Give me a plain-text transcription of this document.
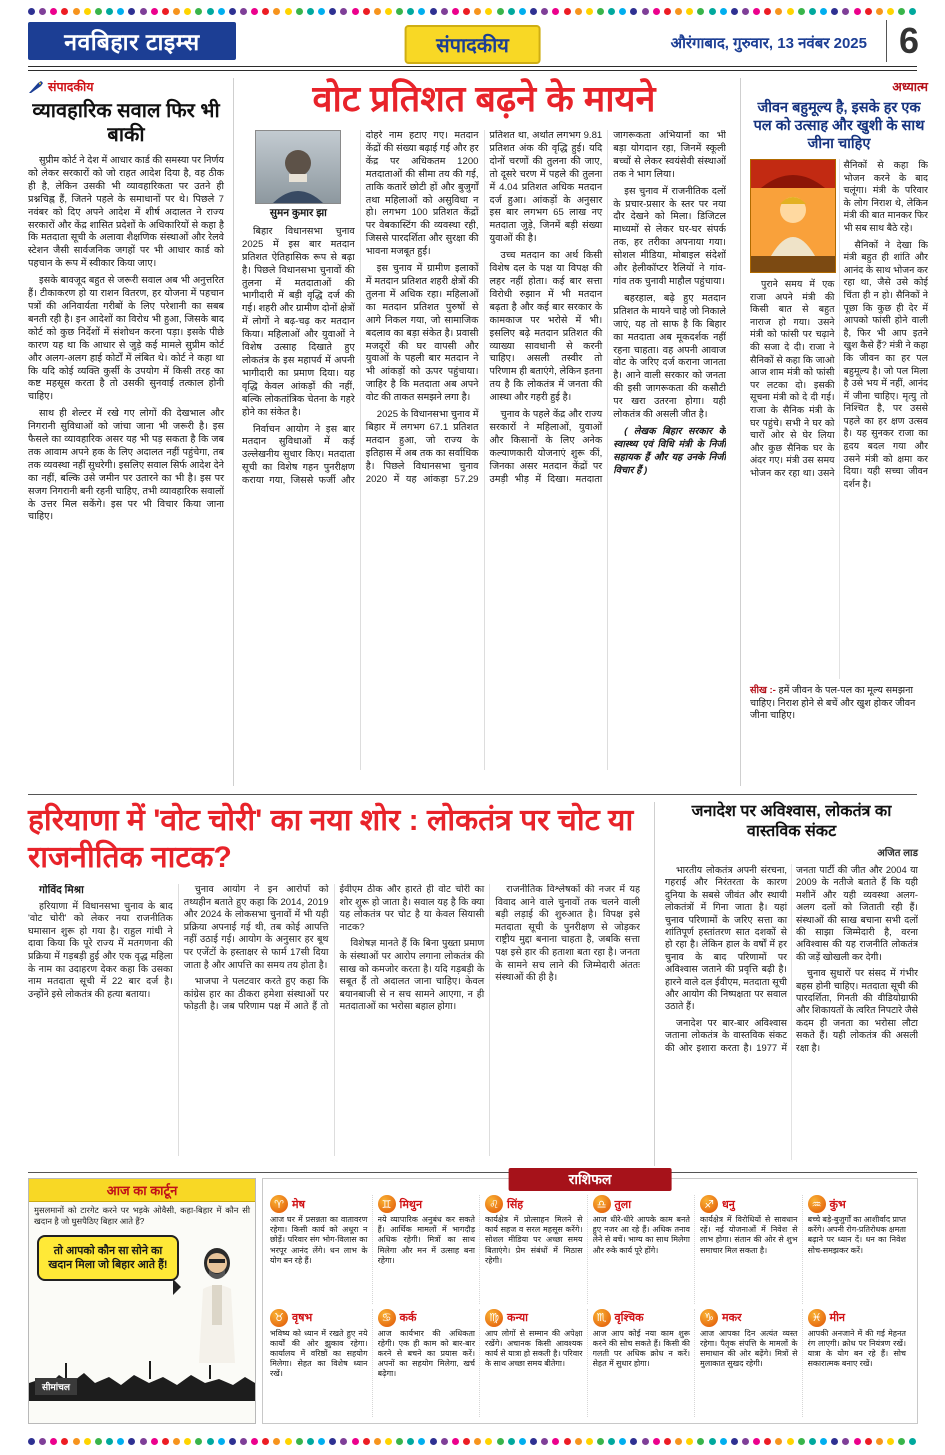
नवबिहार टाइम्स	संपादकीय	औरंगाबाद, गुरुवार, 13 नवंबर 2025 6
संपादकीय
व्यावहारिक सवाल फिर भी बाकी

सुप्रीम कोर्ट ने देश में आधार कार्ड की समस्या पर निर्णय को लेकर सरकारों को जो राहत आदेश दिया है, वह ठीक ही है, लेकिन उसकी भी व्यावहारिकता पर उतने ही प्रश्नचिह्न हैं, जितने पहले के समाधानों पर थे। पिछले 7 नवंबर को दिए अपने आदेश में शीर्ष अदालत ने राज्य सरकारों और केंद्र शासित प्रदेशों के अधिकारियों से कहा है कि मतदाता सूची के अलावा शैक्षणिक संस्थाओं और रेलवे स्टेशन जैसी सार्वजनिक जगहों पर भी आधार कार्ड को पहचान के रूप में स्वीकार किया जाए।

इसके बावजूद बहुत से जरूरी सवाल अब भी अनुत्तरित हैं। टीकाकरण हो या राशन वितरण, हर योजना में पहचान पत्रों की अनिवार्यता गरीबों के लिए परेशानी का सबब बनती रही है। इन आदेशों का विरोध भी हुआ, जिसके बाद कोर्ट को कुछ निर्देशों में संशोधन करना पड़ा। इसके पीछे कारण यह था कि आधार से जुड़े कई मामले सुप्रीम कोर्ट और अलग-अलग हाई कोर्टों में लंबित थे। कोर्ट ने कहा था कि यदि कोई व्यक्ति कुर्सी के उपयोग में किसी तरह का कष्ट महसूस करता है तो उसकी सुनवाई तत्काल होनी चाहिए।

साथ ही शेल्टर में रखे गए लोगों की देखभाल और निगरानी सुविधाओं को जांचा जाना भी जरूरी है। इस फैसले का व्यावहारिक असर यह भी पड़ सकता है कि जब तक आवाम अपने हक के लिए अदालत नहीं पहुंचेगा, तब तक व्यवस्था नहीं सुधरेगी। इसलिए सवाल सिर्फ आदेश देने का नहीं, बल्कि उसे जमीन पर उतारने का भी है। इस पर सजग निगरानी बनी रहनी चाहिए, तभी व्यावहारिक सवालों के उत्तर मिल सकेंगे। इस पर भी विचार किया जाना चाहिए।

वोट प्रतिशत बढ़ने के मायने
सुमन कुमार झा

बिहार विधानसभा चुनाव 2025 में इस बार मतदान प्रतिशत ऐतिहासिक रूप से बढ़ा है। पिछले विधानसभा चुनावों की तुलना में मतदाताओं की भागीदारी में बड़ी वृद्धि दर्ज की गई। शहरी और ग्रामीण दोनों क्षेत्रों में लोगों ने बढ़-चढ़ कर मतदान किया। महिलाओं और युवाओं ने विशेष उत्साह दिखाते हुए लोकतंत्र के इस महापर्व में अपनी भागीदारी का प्रमाण दिया। यह वृद्धि केवल आंकड़ों की नहीं, बल्कि लोकतांत्रिक चेतना के गहरे होने का संकेत है।

निर्वाचन आयोग ने इस बार मतदान सुविधाओं में कई उल्लेखनीय सुधार किए। मतदाता सूची का विशेष गहन पुनरीक्षण कराया गया, जिससे फर्जी और दोहरे नाम हटाए गए। मतदान केंद्रों की संख्या बढ़ाई गई और हर केंद्र पर अधिकतम 1200 मतदाताओं की सीमा तय की गई, ताकि कतारें छोटी हों और बुजुर्गों तथा महिलाओं को असुविधा न हो। लगभग 100 प्रतिशत केंद्रों पर वेबकास्टिंग की व्यवस्था रही, जिससे पारदर्शिता और सुरक्षा की भावना मजबूत हुई।

इस चुनाव में ग्रामीण इलाकों में मतदान प्रतिशत शहरी क्षेत्रों की तुलना में अधिक रहा। महिलाओं का मतदान प्रतिशत पुरुषों से आगे निकल गया, जो सामाजिक बदलाव का बड़ा संकेत है। प्रवासी मजदूरों की घर वापसी और युवाओं के पहली बार मतदान ने भी आंकड़ों को ऊपर पहुंचाया। जाहिर है कि मतदाता अब अपने वोट की ताकत समझने लगा है।

2025 के विधानसभा चुनाव में बिहार में लगभग 67.1 प्रतिशत मतदान हुआ, जो राज्य के इतिहास में अब तक का सर्वाधिक है। पिछले विधानसभा चुनाव 2020 में यह आंकड़ा 57.29 प्रतिशत था, अर्थात लगभग 9.81 प्रतिशत अंक की वृद्धि हुई। यदि दोनों चरणों की तुलना की जाए, तो दूसरे चरण में पहले की तुलना में 4.04 प्रतिशत अधिक मतदान दर्ज हुआ। आंकड़ों के अनुसार इस बार लगभग 65 लाख नए मतदाता जुड़े, जिनमें बड़ी संख्या युवाओं की है।

उच्च मतदान का अर्थ किसी विशेष दल के पक्ष या विपक्ष की लहर नहीं होता। कई बार सत्ता विरोधी रुझान में भी मतदान बढ़ता है और कई बार सरकार के कामकाज पर भरोसे में भी। इसलिए बढ़े मतदान प्रतिशत की व्याख्या सावधानी से करनी चाहिए। असली तस्वीर तो परिणाम ही बताएंगे, लेकिन इतना तय है कि लोकतंत्र में जनता की आस्था और गहरी हुई है।

चुनाव के पहले केंद्र और राज्य सरकारों ने महिलाओं, युवाओं और किसानों के लिए अनेक कल्याणकारी योजनाएं शुरू कीं, जिनका असर मतदान केंद्रों पर उमड़ी भीड़ में दिखा। मतदाता जागरूकता अभियानों का भी बड़ा योगदान रहा, जिनमें स्कूली बच्चों से लेकर स्वयंसेवी संस्थाओं तक ने भाग लिया।

इस चुनाव में राजनीतिक दलों के प्रचार-प्रसार के स्तर पर नया दौर देखने को मिला। डिजिटल माध्यमों से लेकर घर-घर संपर्क तक, हर तरीका अपनाया गया। सोशल मीडिया, मोबाइल संदेशों और हेलीकॉप्टर रैलियों ने गांव-गांव तक चुनावी माहौल पहुंचाया।

बहरहाल, बढ़े हुए मतदान प्रतिशत के मायने चाहे जो निकाले जाएं, यह तो साफ है कि बिहार का मतदाता अब मूकदर्शक नहीं रहना चाहता। वह अपनी आवाज वोट के जरिए दर्ज कराना जानता है। आने वाली सरकार को जनता की इसी जागरूकता की कसौटी पर खरा उतरना होगा। यही लोकतंत्र की असली जीत है।

( लेखक बिहार सरकार के स्वास्थ्य एवं विधि मंत्री के निजी सहायक हैं और यह उनके निजी विचार हैं )

अध्यात्म
जीवन बहुमूल्य है, इसके हर एक पल को उत्साह और खुशी के साथ जीना चाहिए

पुराने समय में एक राजा अपने मंत्री की किसी बात से बहुत नाराज हो गया। उसने मंत्री को फांसी पर चढ़ाने की सजा दे दी। राजा ने सैनिकों से कहा कि जाओ आज शाम मंत्री को फांसी पर लटका दो। इसकी सूचना मंत्री को दे दी गई। राजा के सैनिक मंत्री के घर पहुंचे। सभी ने घर को चारों ओर से घेर लिया और कुछ सैनिक घर के अंदर गए। मंत्री उस समय भोजन कर रहा था। उसने सैनिकों से कहा कि भोजन करने के बाद चलूंगा। मंत्री के परिवार के लोग निराश थे, लेकिन मंत्री की बात मानकर फिर भी सब साथ बैठे रहे।

सैनिकों ने देखा कि मंत्री बहुत ही शांति और आनंद के साथ भोजन कर रहा था, जैसे उसे कोई चिंता ही न हो। सैनिकों ने पूछा कि कुछ ही देर में आपको फांसी होने वाली है, फिर भी आप इतने खुश कैसे हैं? मंत्री ने कहा कि जीवन का हर पल बहुमूल्य है। जो पल मिला है उसे भय में नहीं, आनंद में जीना चाहिए। मृत्यु तो निश्चित है, पर उससे पहले का हर क्षण उत्सव है। यह सुनकर राजा का हृदय बदल गया और उसने मंत्री को क्षमा कर दिया। यही सच्चा जीवन दर्शन है।

सीख :- हमें जीवन के पल-पल का मूल्य समझना चाहिए। निराश होने से बचें और खुश होकर जीवन जीना चाहिए।

हरियाणा में 'वोट चोरी' का नया शोर : लोकतंत्र पर चोट या राजनीतिक नाटक?

गोविंद मिश्रा

हरियाणा में विधानसभा चुनाव के बाद 'वोट चोरी' को लेकर नया राजनीतिक घमासान शुरू हो गया है। राहुल गांधी ने दावा किया कि पूरे राज्य में मतगणना की प्रक्रिया में गड़बड़ी हुई और एक वृद्ध महिला के नाम का उदाहरण देकर कहा कि उसका नाम मतदाता सूची में 22 बार दर्ज है। उन्होंने इसे लोकतंत्र की हत्या बताया।

चुनाव आयोग ने इन आरोपों को तथ्यहीन बताते हुए कहा कि 2014, 2019 और 2024 के लोकसभा चुनावों में भी यही प्रक्रिया अपनाई गई थी, तब कोई आपत्ति नहीं उठाई गई। आयोग के अनुसार हर बूथ पर एजेंटों के हस्ताक्षर से फार्म 17सी दिया जाता है और आपत्ति का समय तय होता है।

भाजपा ने पलटवार करते हुए कहा कि कांग्रेस हार का ठीकरा हमेशा संस्थाओं पर फोड़ती है। जब परिणाम पक्ष में आते हैं तो ईवीएम ठीक और हारते ही वोट चोरी का शोर शुरू हो जाता है। सवाल यह है कि क्या यह लोकतंत्र पर चोट है या केवल सियासी नाटक?

विशेषज्ञ मानते हैं कि बिना पुख्ता प्रमाण के संस्थाओं पर आरोप लगाना लोकतंत्र की साख को कमजोर करता है। यदि गड़बड़ी के सबूत हैं तो अदालत जाना चाहिए। केवल बयानबाजी से न सच सामने आएगा, न ही मतदाताओं का भरोसा बहाल होगा।

राजनीतिक विश्लेषकों की नजर में यह विवाद आने वाले चुनावों तक चलने वाली बड़ी लड़ाई की शुरुआत है। विपक्ष इसे मतदाता सूची के पुनरीक्षण से जोड़कर राष्ट्रीय मुद्दा बनाना चाहता है, जबकि सत्ता पक्ष इसे हार की हताशा बता रहा है। जनता के सामने सच लाने की जिम्मेदारी अंततः संस्थाओं की ही है।

जनादेश पर अविश्वास, लोकतंत्र का वास्तविक संकट

अजित लाड

भारतीय लोकतंत्र अपनी संरचना, गहराई और निरंतरता के कारण दुनिया के सबसे जीवंत और स्थायी लोकतंत्रों में गिना जाता है। यहां चुनाव परिणामों के जरिए सत्ता का शांतिपूर्ण हस्तांतरण सात दशकों से हो रहा है। लेकिन हाल के वर्षों में हर चुनाव के बाद परिणामों पर अविश्वास जताने की प्रवृत्ति बढ़ी है। हारने वाले दल ईवीएम, मतदाता सूची और आयोग की निष्पक्षता पर सवाल उठाते हैं।

जनादेश पर बार-बार अविश्वास जताना लोकतंत्र के वास्तविक संकट की ओर इशारा करता है। 1977 में जनता पार्टी की जीत और 2004 या 2009 के नतीजे बताते हैं कि यही मशीनें और यही व्यवस्था अलग-अलग दलों को जिताती रही हैं। संस्थाओं की साख बचाना सभी दलों की साझा जिम्मेदारी है, वरना अविश्वास की यह राजनीति लोकतंत्र की जड़ें खोखली कर देगी।

चुनाव सुधारों पर संसद में गंभीर बहस होनी चाहिए। मतदाता सूची की पारदर्शिता, गिनती की वीडियोग्राफी और शिकायतों के त्वरित निपटारे जैसे कदम ही जनता का भरोसा लौटा सकते हैं। यही लोकतंत्र की असली रक्षा है।

आज का कार्टून
मुसलमानों को टारगेट करने पर भड़के ओवैसी, कहा-बिहार में कौन सी खदान है जो घुसपैठिए बिहार आते हैं?
तो आपको कौन सा सोने का खदान मिला जो बिहार आते हैं!
सीमांचल
राशिफल
♈ मेष

आज घर में प्रसन्नता का वातावरण रहेगा। किसी कार्य को अधूरा न छोड़ें। परिवार संग भोग-विलास का भरपूर आनंद लेंगे। धन लाभ के योग बन रहे हैं।

♊ मिथुन

नये व्यापारिक अनुबंध कर सकते हैं। आर्थिक मामलों में भागदौड़ अधिक रहेगी। मित्रों का साथ मिलेगा और मन में उत्साह बना रहेगा।

♌ सिंह

कार्यक्षेत्र में प्रोत्साहन मिलने से कार्य सहज व सरल महसूस करेंगे। सोशल मीडिया पर अच्छा समय बिताएंगे। प्रेम संबंधों में मिठास रहेगी।

♎ तुला

आज धीरे-धीरे आपके काम बनते हुए नजर आ रहे हैं। अधिक तनाव लेने से बचें। भाग्य का साथ मिलेगा और रुके कार्य पूरे होंगे।

♐ धनु

कार्यक्षेत्र में विरोधियों से सावधान रहें। नई योजनाओं में निवेश से लाभ होगा। संतान की ओर से शुभ समाचार मिल सकता है।

♒ कुंभ

बच्चे बड़े-बुजुर्गों का आशीर्वाद प्राप्त करेंगे। अपनी रोग-प्रतिरोधक क्षमता बढ़ाने पर ध्यान दें। धन का निवेश सोच-समझकर करें।

♉ वृषभ

भविष्य को ध्यान में रखते हुए नये कार्यों की ओर झुकाव रहेगा। कार्यालय में वरिष्ठों का सहयोग मिलेगा। सेहत का विशेष ध्यान रखें।

♋ कर्क

आज कार्यभार की अधिकता रहेगी। एक ही काम को बार-बार करने से बचने का प्रयास करें। अपनों का सहयोग मिलेगा, खर्च बढ़ेगा।

♍ कन्या

आप लोगों से सम्मान की अपेक्षा रखेंगे। अचानक किसी आवश्यक कार्य से यात्रा हो सकती है। परिवार के साथ अच्छा समय बीतेगा।

♏ वृश्चिक

आज आप कोई नया काम शुरू करने की सोच सकते हैं। किसी की गलती पर अधिक क्रोध न करें। सेहत में सुधार होगा।

♑ मकर

आज आपका दिन अत्यंत व्यस्त रहेगा। पैतृक संपत्ति के मामलों के समाधान की ओर बढ़ेंगे। मित्रों से मुलाकात सुखद रहेगी।

♓ मीन

आपकी अनजाने में की गई मेहनत रंग लाएगी। क्रोध पर नियंत्रण रखें। यात्रा के योग बन रहे हैं। सोच सकारात्मक बनाए रखें।
